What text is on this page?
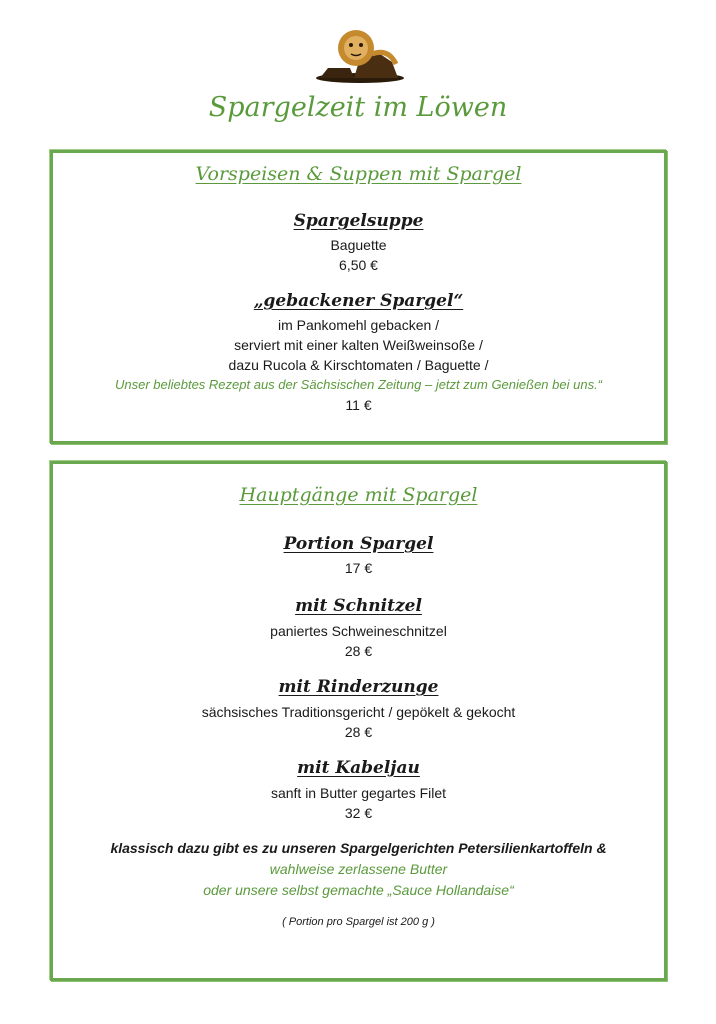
Spargelzeit im Löwen
Vorspeisen & Suppen mit Spargel
Spargelsuppe
Baguette
6,50 €
„gebackener Spargel“
im Pankomehl gebacken /
serviert mit einer kalten Weißweinsoße /
dazu Rucola & Kirschtomaten / Baguette /
Unser beliebtes Rezept aus der Sächsischen Zeitung – jetzt zum Genießen bei uns.“
11 €
Hauptgänge mit Spargel
Portion Spargel
17 €
mit Schnitzel
paniertes Schweineschnitzel
28 €
mit Rinderzunge
sächsisches Traditionsgericht / gepökelt & gekocht
28 €
mit Kabeljau
sanft in Butter gegartes Filet
32 €
klassisch dazu gibt es zu unseren Spargelgerichten Petersilienkartoffeln &
wahlweise zerlassene Butter
oder unsere selbst gemachte „Sauce Hollandaise“
( Portion pro Spargel ist 200 g )
